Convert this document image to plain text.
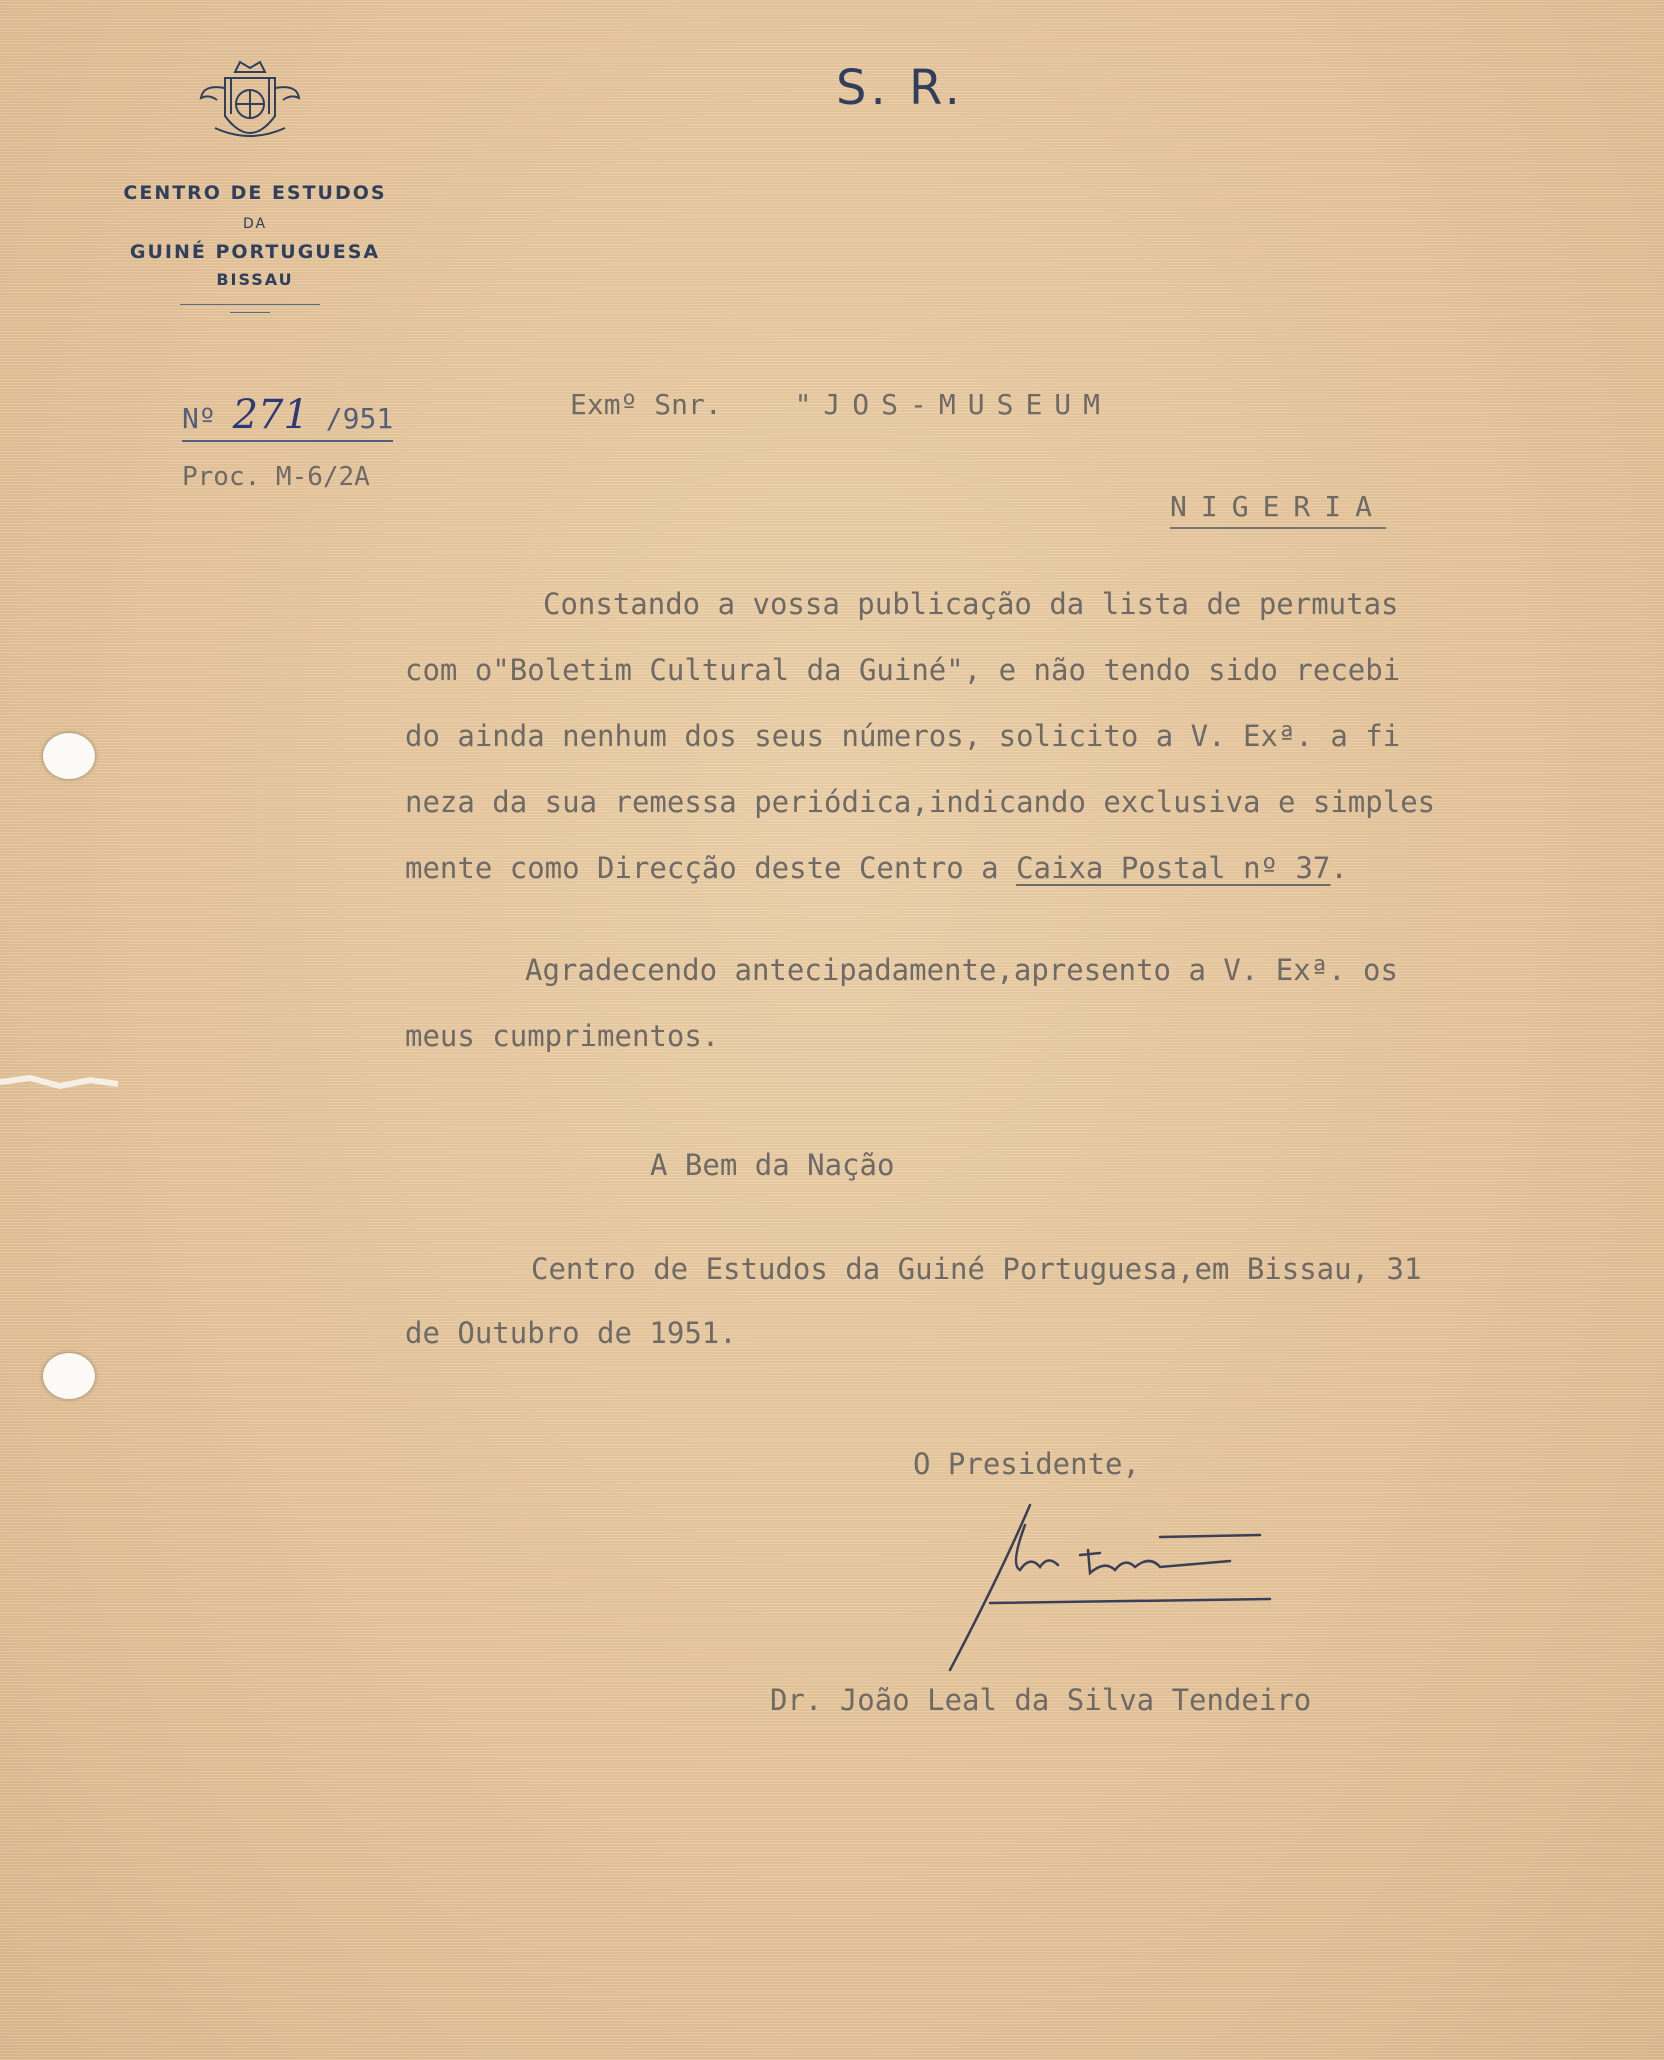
CENTRO DE ESTUDOS
DA
GUINÉ PORTUGUESA
BISSAU
S. R.
Nº 271 /951
Proc. M-6/2A
Exmº Snr.	"JOS-MUSEUM
NIGERIA
Constando a vossa publicação da lista de permutas
com o"Boletim Cultural da Guiné", e não tendo sido recebi
do ainda nenhum dos seus números, solicito a V. Exª. a fi
neza da sua remessa periódica,indicando exclusiva e simples
mente como Direcção deste Centro a Caixa Postal nº 37.
Agradecendo antecipadamente,apresento a V. Exª. os
meus cumprimentos.
A Bem da Nação
Centro de Estudos da Guiné Portuguesa,em Bissau, 31
de Outubro de 1951.
O Presidente,
Dr. João Leal da Silva Tendeiro
